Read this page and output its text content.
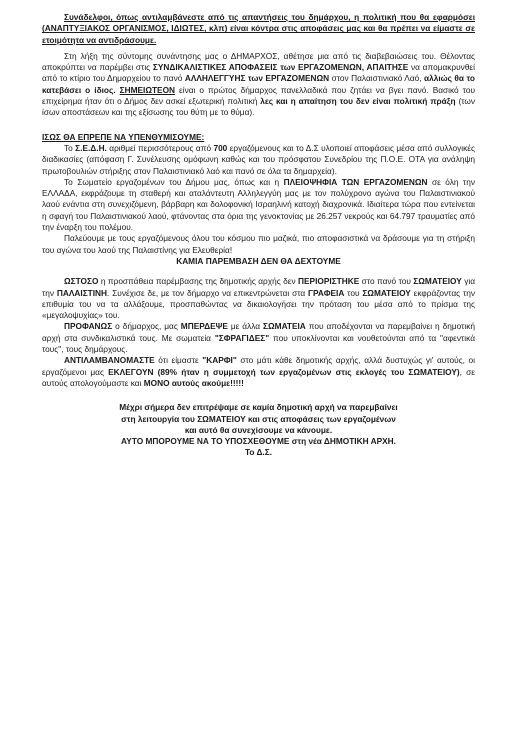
Συνάδελφοι, όπως αντιλαμβάνεστε από τις απαντήσεις του δημάρχου, η πολιτική που θα εφαρμόσει (ΑΝΑΠΤΥΞΙΑΚΟΣ ΟΡΓΑΝΙΣΜΟΣ, ΙΔΙΩΤΕΣ, κλπ) είναι κόντρα στις αποφάσεις μας και θα πρέπει να είμαστε σε ετοιμότητα να αντιδράσουμε.

Στη λήξη της σύντομης συνάντησης μας ο ΔΗΜΑΡΧΟΣ, αθέτησε μια από τις διαβεβαιώσεις του. Θέλοντας αποκρύπτει να παρέμβει στις ΣΥΝΔΙΚΑΛΙΣΤΙΚΕΣ ΑΠΟΦΑΣΕΙΣ των ΕΡΓΑΖΟΜΕΝΩΝ, ΑΠΑΙΤΗΣΕ να απομακρυνθεί από το κτίριο του Δημαρχείου το πανό ΑΛΛΗΛΕΓΓΥΗΣ των ΕΡΓΑΖΟΜΕΝΩΝ στον Παλαιστινιακό Λαό, αλλιώς θα το κατεβάσει ο ίδιος. ΣΗΜΕΙΩΤΕΟΝ είναι ο πρώτος δήμαρχος πανελλαδικά που ζητάει να βγει πανό. Βασικό του επιχείρημα ήταν ότι ο Δήμος δεν ασκεί εξωτερική πολιτική λες και η απαίτηση του δεν είναι πολιτική πράξη (των ίσων αποστάσεων και της εξίσωσης του θύτη με το θύμα).

ΙΣΩΣ ΘΑ ΕΠΡΕΠΕ ΝΑ ΥΠΕΝΘΥΜΙΣΟΥΜΕ:

Το Σ.Ε.Δ.Η. αριθμεί περισσότερους από 700 εργαζόμενους και το Δ.Σ υλοποιεί αποφάσεις μέσα από συλλογικές διαδικασίες (απόφαση Γ. Συνέλευσης ομόφωνη καθώς και του πρόσφατου Συνεδρίου της Π.Ο.Ε. ΟΤΑ για ανάληψη πρωτοβουλιών στήριξης στον Παλαιστινιακό λαό και πανό σε όλα τα δημαρχεία).

Το Σωματείο εργαζομένων του Δήμου μας, όπως και η ΠΛΕΙΟΨΗΦΙΑ ΤΩΝ ΕΡΓΑΖΟΜΕΝΩΝ σε όλη την ΕΛΛΑΔΑ, εκφράζουμε τη σταθερή και αταλάντευτη Αλληλεγγύη μας με τον πολύχρονο αγώνα του Παλαιστινιακού λαού ενάντια στη συνεχιζόμενη, βάρβαρη και δολοφονική Ισραηλινή κατοχή διαχρονικά. Ιδιαίτερα τώρα που εντείνεται η σφαγή του Παλαιστινιακού λαού, φτάνοντας στα όρια της γενοκτονίας με 26.257 νεκρούς και 64.797 τραυματίες από την έναρξη του πολέμου.

Παλεύουμε με τους εργαζόμενους όλου του κόσμου πιο μαζικά, πιο αποφασιστικά να δράσουμε για τη στήριξη του αγώνα του λαού της Παλαιστίνης για Ελευθερία!

ΚΑΜΙΑ ΠΑΡΕΜΒΑΣΗ ΔΕΝ ΘΑ ΔΕΧΤΟΥΜΕ

ΩΣΤΟΣΟ η προσπάθεια παρέμβασης της δημοτικής αρχής δεν ΠΕΡΙΟΡΙΣΤΗΚΕ στο πανό του ΣΩΜΑΤΕΙΟΥ για την ΠΑΛΑΙΣΤΙΝΗ. Συνέχισε δε, με τον δήμαρχο να επικεντρώνεται στα ΓΡΑΦΕΙΑ του ΣΩΜΑΤΕΙΟΥ εκφράζοντας την επιθυμία του να τα αλλάξουμε, προσπαθώντας να δικαιολογήσει την πρόταση του μέσα από το πρίσμα της «μεγαλοψυχίας» του.

ΠΡΟΦΑΝΩΣ ο δήμαρχος, μας ΜΠΕΡΔΕΨΕ με άλλα ΣΩΜΑΤΕΙΑ που αποδέχονται να παρεμβαίνει η δημοτική αρχή στα συνδικαλιστικά τους. Με σωματεία "ΣΦΡΑΓΙΔΕΣ" που υποκλίνονται και νουθετούνται από τα "αφεντικά τους", τους δημάρχους.

ΑΝΤΙΛΑΜΒΑΝΟΜΑΣΤΕ ότι είμαστε "ΚΑΡΦΙ" στο μάτι κάθε δημοτικής αρχής, αλλά δυστυχώς γι' αυτούς, οι εργαζόμενοι μας ΕΚΛΕΓΟΥΝ (89% ήταν η συμμετοχή των εργαζομένων στις εκλογές του ΣΩΜΑΤΕΙΟΥ), σε αυτούς απολογούμαστε και ΜΟΝΟ αυτούς ακούμε!!!!!

Μέχρι σήμερα δεν επιτρέψαμε σε καμία δημοτική αρχή να παρεμβαίνει

στη λειτουργία του ΣΩΜΑΤΕΙΟΥ και στις αποφάσεις των εργαζομένων

και αυτό θα συνεχίσουμε να κάνουμε.

ΑΥΤΟ ΜΠΟΡΟΥΜΕ ΝΑ ΤΟ ΥΠΟΣΧΕΘΟΥΜΕ στη νέα ΔΗΜΟΤΙΚΗ ΑΡΧΗ.

Το Δ.Σ.
